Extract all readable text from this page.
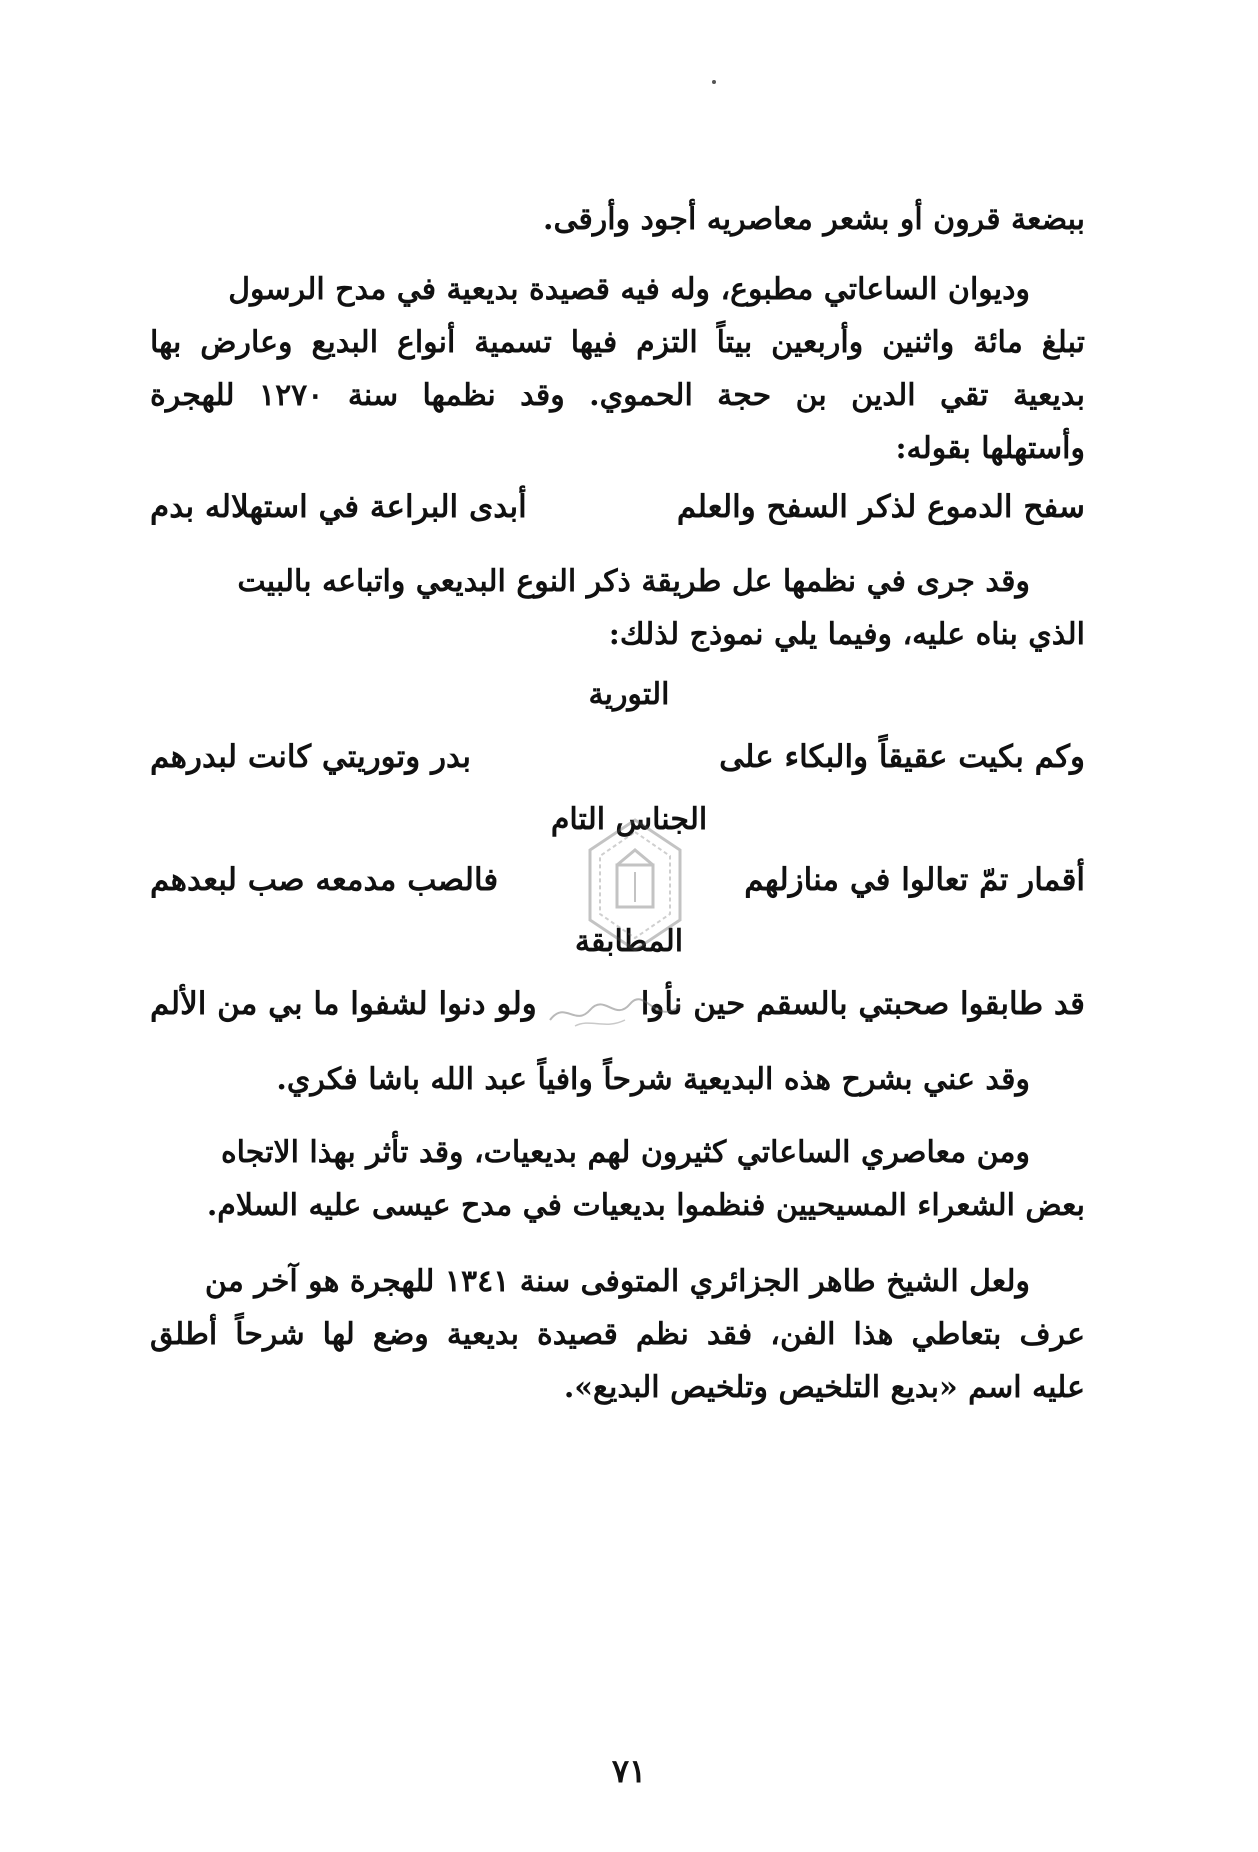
ببضعة قرون أو بشعر معاصريه أجود وأرقى.
وديوان الساعاتي مطبوع، وله فيه قصيدة بديعية في مدح الرسول
تبلغ مائة واثنين وأربعين بيتاً التزم فيها تسمية أنواع البديع وعارض بها
بديعية تقي الدين بن حجة الحموي. وقد نظمها سنة ١٢٧٠ للهجرة
وأستهلها بقوله:
سفح الدموع لذكر السفح والعلم
أبدى البراعة في استهلاله بدم
وقد جرى في نظمها عل طريقة ذكر النوع البديعي واتباعه بالبيت
الذي بناه عليه، وفيما يلي نموذج لذلك:
التورية
وكم بكيت عقيقاً والبكاء على
بدر وتوريتي كانت لبدرهم
الجناس التام
أقمار تمّ تعالوا في منازلهم
فالصب مدمعه صب لبعدهم
المطابقة
قد طابقوا صحبتي بالسقم حين نأوا
ولو دنوا لشفوا ما بي من الألم
وقد عني بشرح هذه البديعية شرحاً وافياً عبد الله باشا فكري.
ومن معاصري الساعاتي كثيرون لهم بديعيات، وقد تأثر بهذا الاتجاه
بعض الشعراء المسيحيين فنظموا بديعيات في مدح عيسى عليه السلام.
ولعل الشيخ طاهر الجزائري المتوفى سنة ١٣٤١ للهجرة هو آخر من
عرف بتعاطي هذا الفن، فقد نظم قصيدة بديعية وضع لها شرحاً أطلق
عليه اسم «بديع التلخيص وتلخيص البديع».
٧١
